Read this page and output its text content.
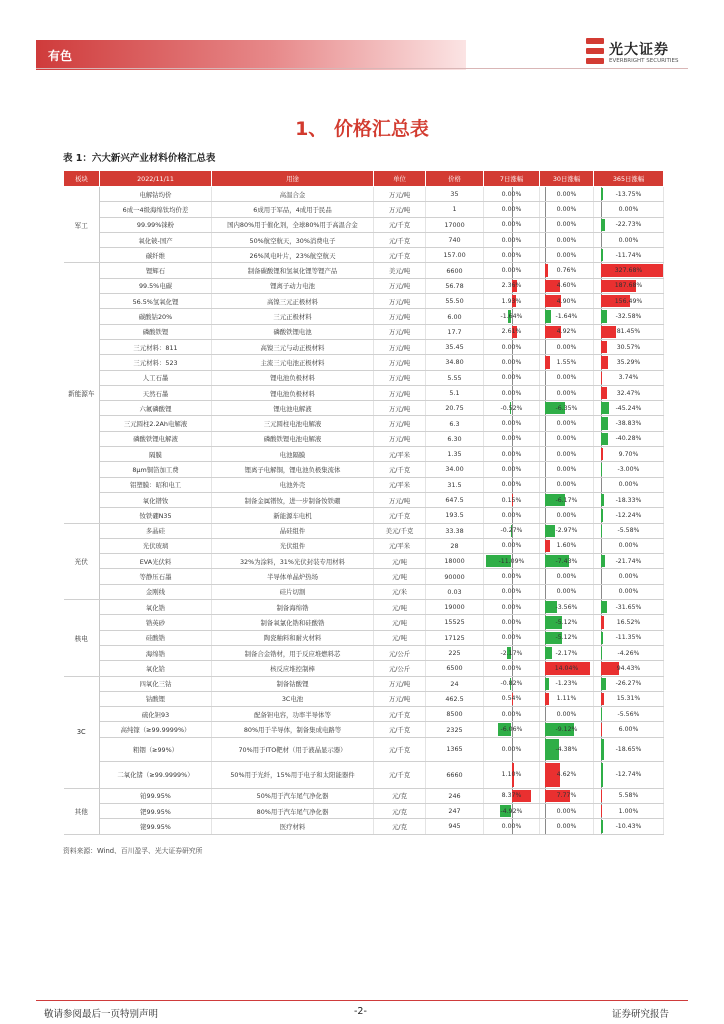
有色	光大证券
EVERBRIGHT SECURITIES
1、 价格汇总表
表 1：六大新兴产业材料价格汇总表
板块	2022/11/11	用途	单位	价格	7日涨幅	30日涨幅	365日涨幅
军工	电解钴均价	高温合金	万元/吨	35	0.00%	0.00%	-13.75%

	6成一4级海绵钛均价差	6成用于军品，4成用于民品	万元/吨	1	0.00%	0.00%	0.00%

	99.99%铼粉	国内80%用于催化剂，全球80%用于高温合金	元/千克	17000	0.00%	0.00%	-22.73%

	氧化铍-国产	50%航空航天，30%消费电子	元/千克	740	0.00%	0.00%	0.00%

	碳纤维	26%风电叶片，23%航空航天	元/千克	157.00	0.00%	0.00%	-11.74%

新能源车	锂辉石	制备碳酸锂和氢氧化锂等锂产品	美元/吨	6600	0.00%	0.76%	327.68%

	99.5%电碳	锂离子动力电池	万元/吨	56.78	2.36%	4.60%	187.68%

	56.5%氢氧化锂	高镍三元正极材料	万元/吨	55.50	1.93%	4.90%	156.49%

	碳酸钴20%	三元正极材料	万元/吨	6.00	-1.64%	-1.64%	-32.58%

	磷酸铁锂	磷酸铁锂电池	万元/吨	17.7	2.61%	4.92%	81.45%

	三元材料：811	高镍三元与动正极材料	万元/吨	35.45	0.00%	0.00%	30.57%

	三元材料：523	主流三元电池正极材料	万元/吨	34.80	0.00%	1.55%	35.29%

	人工石墨	锂电池负极材料	万元/吨	5.55	0.00%	0.00%	3.74%

	天然石墨	锂电池负极材料	万元/吨	5.1	0.00%	0.00%	32.47%

	六氟磷酸锂	锂电池电解液	万元/吨	20.75	-0.52%	-6.35%	-45.24%

	三元圆柱2.2Ah电解液	三元圆柱电池电解液	万元/吨	6.3	0.00%	0.00%	-38.83%

	磷酸铁锂电解液	磷酸铁锂电池电解液	万元/吨	6.30	0.00%	0.00%	-40.28%

	隔膜	电池隔膜	元/平米	1.35	0.00%	0.00%	9.70%

	8μm铜箔加工费	锂离子电解铜，锂电池负极集流体	元/千克	34.00	0.00%	0.00%	-3.00%

	铝塑膜：昭和电工	电池外壳	元/平米	31.5	0.00%	0.00%	0.00%

	氧化镨钕	制备金属镨钕，进一步制备钕铁硼	万元/吨	647.5	0.15%	-6.17%	-18.33%

	钕铁硼N35	新能源车电机	元/千克	193.5	0.00%	0.00%	-12.24%

光伏	多晶硅	晶硅组件	美元/千克	33.38	-0.27%	-2.97%	-5.58%

	光伏玻璃	光伏组件	元/平米	28	0.00%	1.60%	0.00%

	EVA光伏料	32%为涂料，31%光伏封装专用材料	元/吨	18000	-11.09%	-7.43%	-21.74%

	等静压石墨	半导体单晶炉热场	元/吨	90000	0.00%	0.00%	0.00%

	金刚线	硅片切割	元/米	0.03	0.00%	0.00%	0.00%

核电	氧化锆	制备海绵锆	元/吨	19000	0.00%	-3.56%	-31.65%

	锆英砂	制备氧氯化锆和硅酸锆	元/吨	15525	0.00%	-5.12%	16.52%

	硅酸锆	陶瓷釉料和耐火材料	元/吨	17125	0.00%	-5.12%	-11.35%

	海绵锆	制备合金锆材，用于反应堆燃料芯	元/公斤	225	-2.17%	-2.17%	-4.26%

	氧化铪	核反应堆控制棒	元/公斤	6500	0.00%	14.04%	94.43%

3C	四氧化三钴	制备钴酸锂	万元/吨	24	-0.82%	-1.23%	-26.27%

	钴酸锂	3C电池	万元/吨	462.5	0.54%	1.11%	15.31%

	硫化钽93	配备钽电容，功率半导体等	元/千克	8500	0.00%	0.00%	-5.56%

	高纯镓（≥99.9999%）	80%用于半导体，制备集成电路等	元/千克	2325	-6.06%	-9.12%	6.00%

	粗铟（≥99%）	70%用于ITO靶材（用于液晶显示器）	元/千克	1365	0.00%	-4.38%	-18.65%

	二氧化锗（≥99.9999%）	50%用于光纤，15%用于电子和太阳能器件	元/千克	6660	1.10%	4.62%	-12.74%

其他	铂99.95%	50%用于汽车尾气净化器	元/克	246	8.37%	7.77%	5.58%

	钯99.95%	80%用于汽车尾气净化器	元/克	247	-4.92%	0.00%	1.00%

	铑99.95%	医疗材料	元/克	945	0.00%	0.00%	-10.43%
资料来源：Wind、百川盈孚、光大证券研究所
敬请参阅最后一页特别声明	-2-	证券研究报告
